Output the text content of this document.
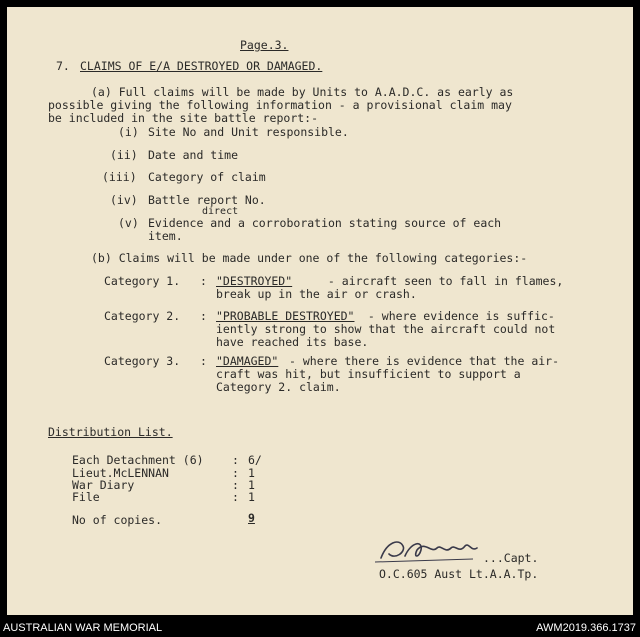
Page.3.
7. CLAIMS OF E/A DESTROYED OR DAMAGED.
(a) Full claims will be made by Units to A.A.D.C. as early as
possible giving the following information - a provisional claim may
be included in the site battle report:-
(i) Site No and Unit responsible.
(ii) Date and time
(iii) Category of claim
(iv) Battle report No.
direct
(v) Evidence and a corroboration stating source of each
item.
(b) Claims will be made under one of the following categories:-
Category 1. : "DESTROYED"	- aircraft seen to fall in flames,
break up in the air or crash.
Category 2. : "PROBABLE DESTROYED" - where evidence is suffic-
iently strong to show that the aircraft could not
have reached its base.
Category 3. : "DAMAGED" - where there is evidence that the air-
craft was hit, but insufficient to support a
Category 2. claim.
Distribution List.
Each Detachment (6) : 6/
Lieut.McLENNAN	: 1
War Diary	: 1
File	: 1
No of copies.	9
...Capt.
O.C.605 Aust Lt.A.A.Tp.
AUSTRALIAN WAR MEMORIAL	AWM2019.366.1737
